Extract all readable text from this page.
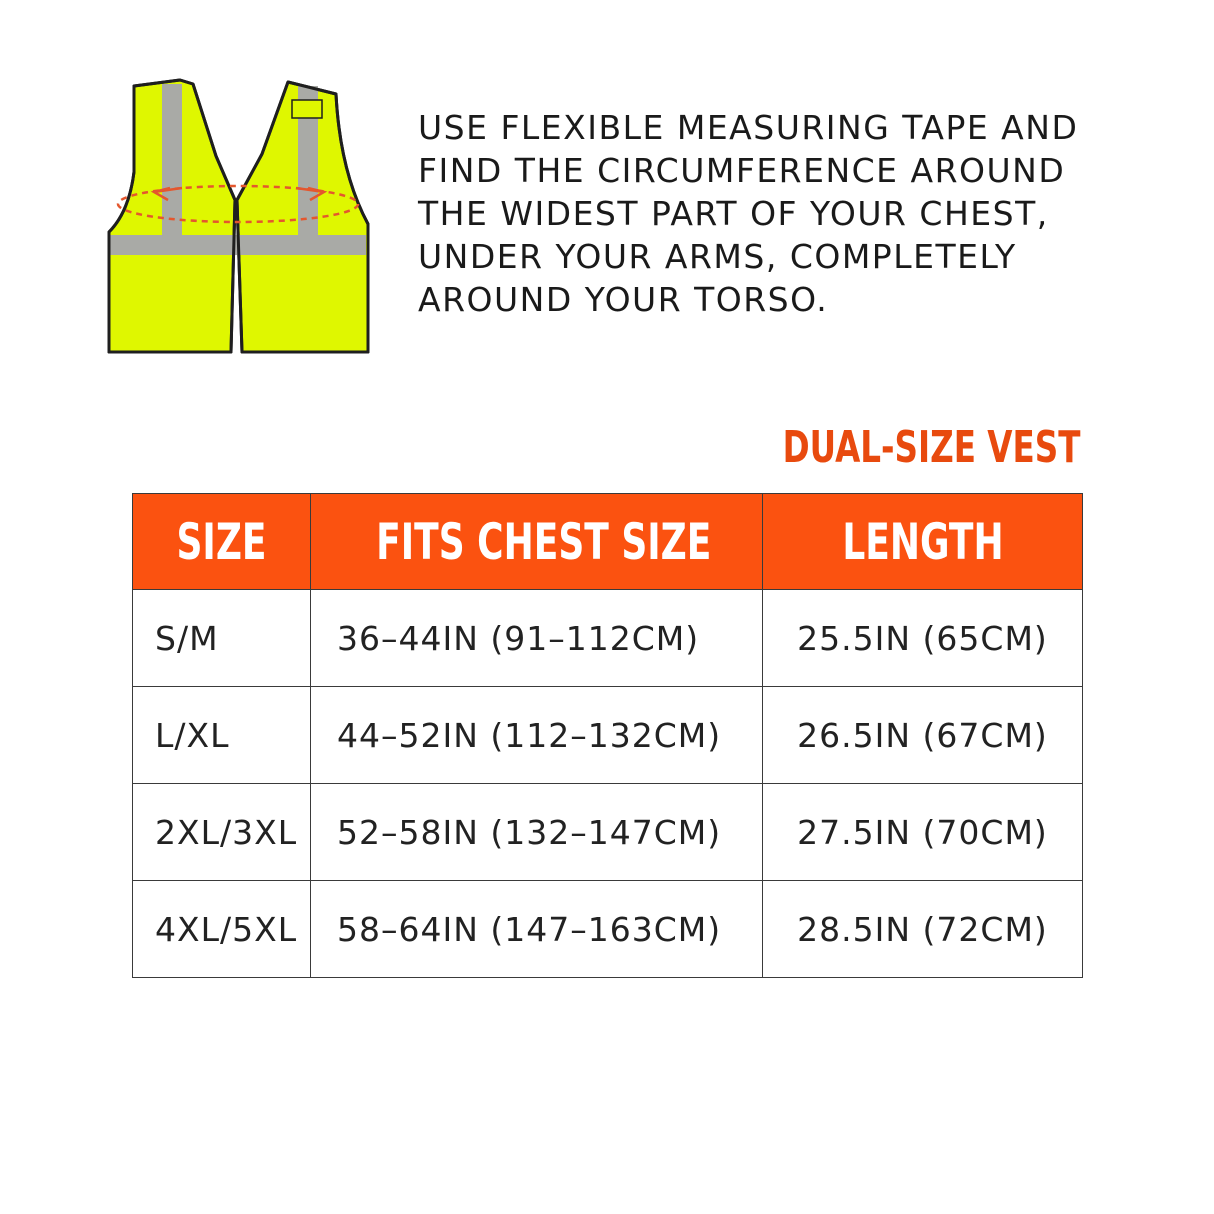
USE FLEXIBLE MEASURING TAPE AND
FIND THE CIRCUMFERENCE AROUND
THE WIDEST PART OF YOUR CHEST,
UNDER YOUR ARMS, COMPLETELY
AROUND YOUR TORSO.

DUAL-SIZE VEST
SIZE	FITS CHEST SIZE	LENGTH
S/M	36–44IN (91–112CM)	25.5IN (65CM)
L/XL	44–52IN (112–132CM)	26.5IN (67CM)
2XL/3XL	52–58IN (132–147CM)	27.5IN (70CM)
4XL/5XL	58–64IN (147–163CM)	28.5IN (72CM)
